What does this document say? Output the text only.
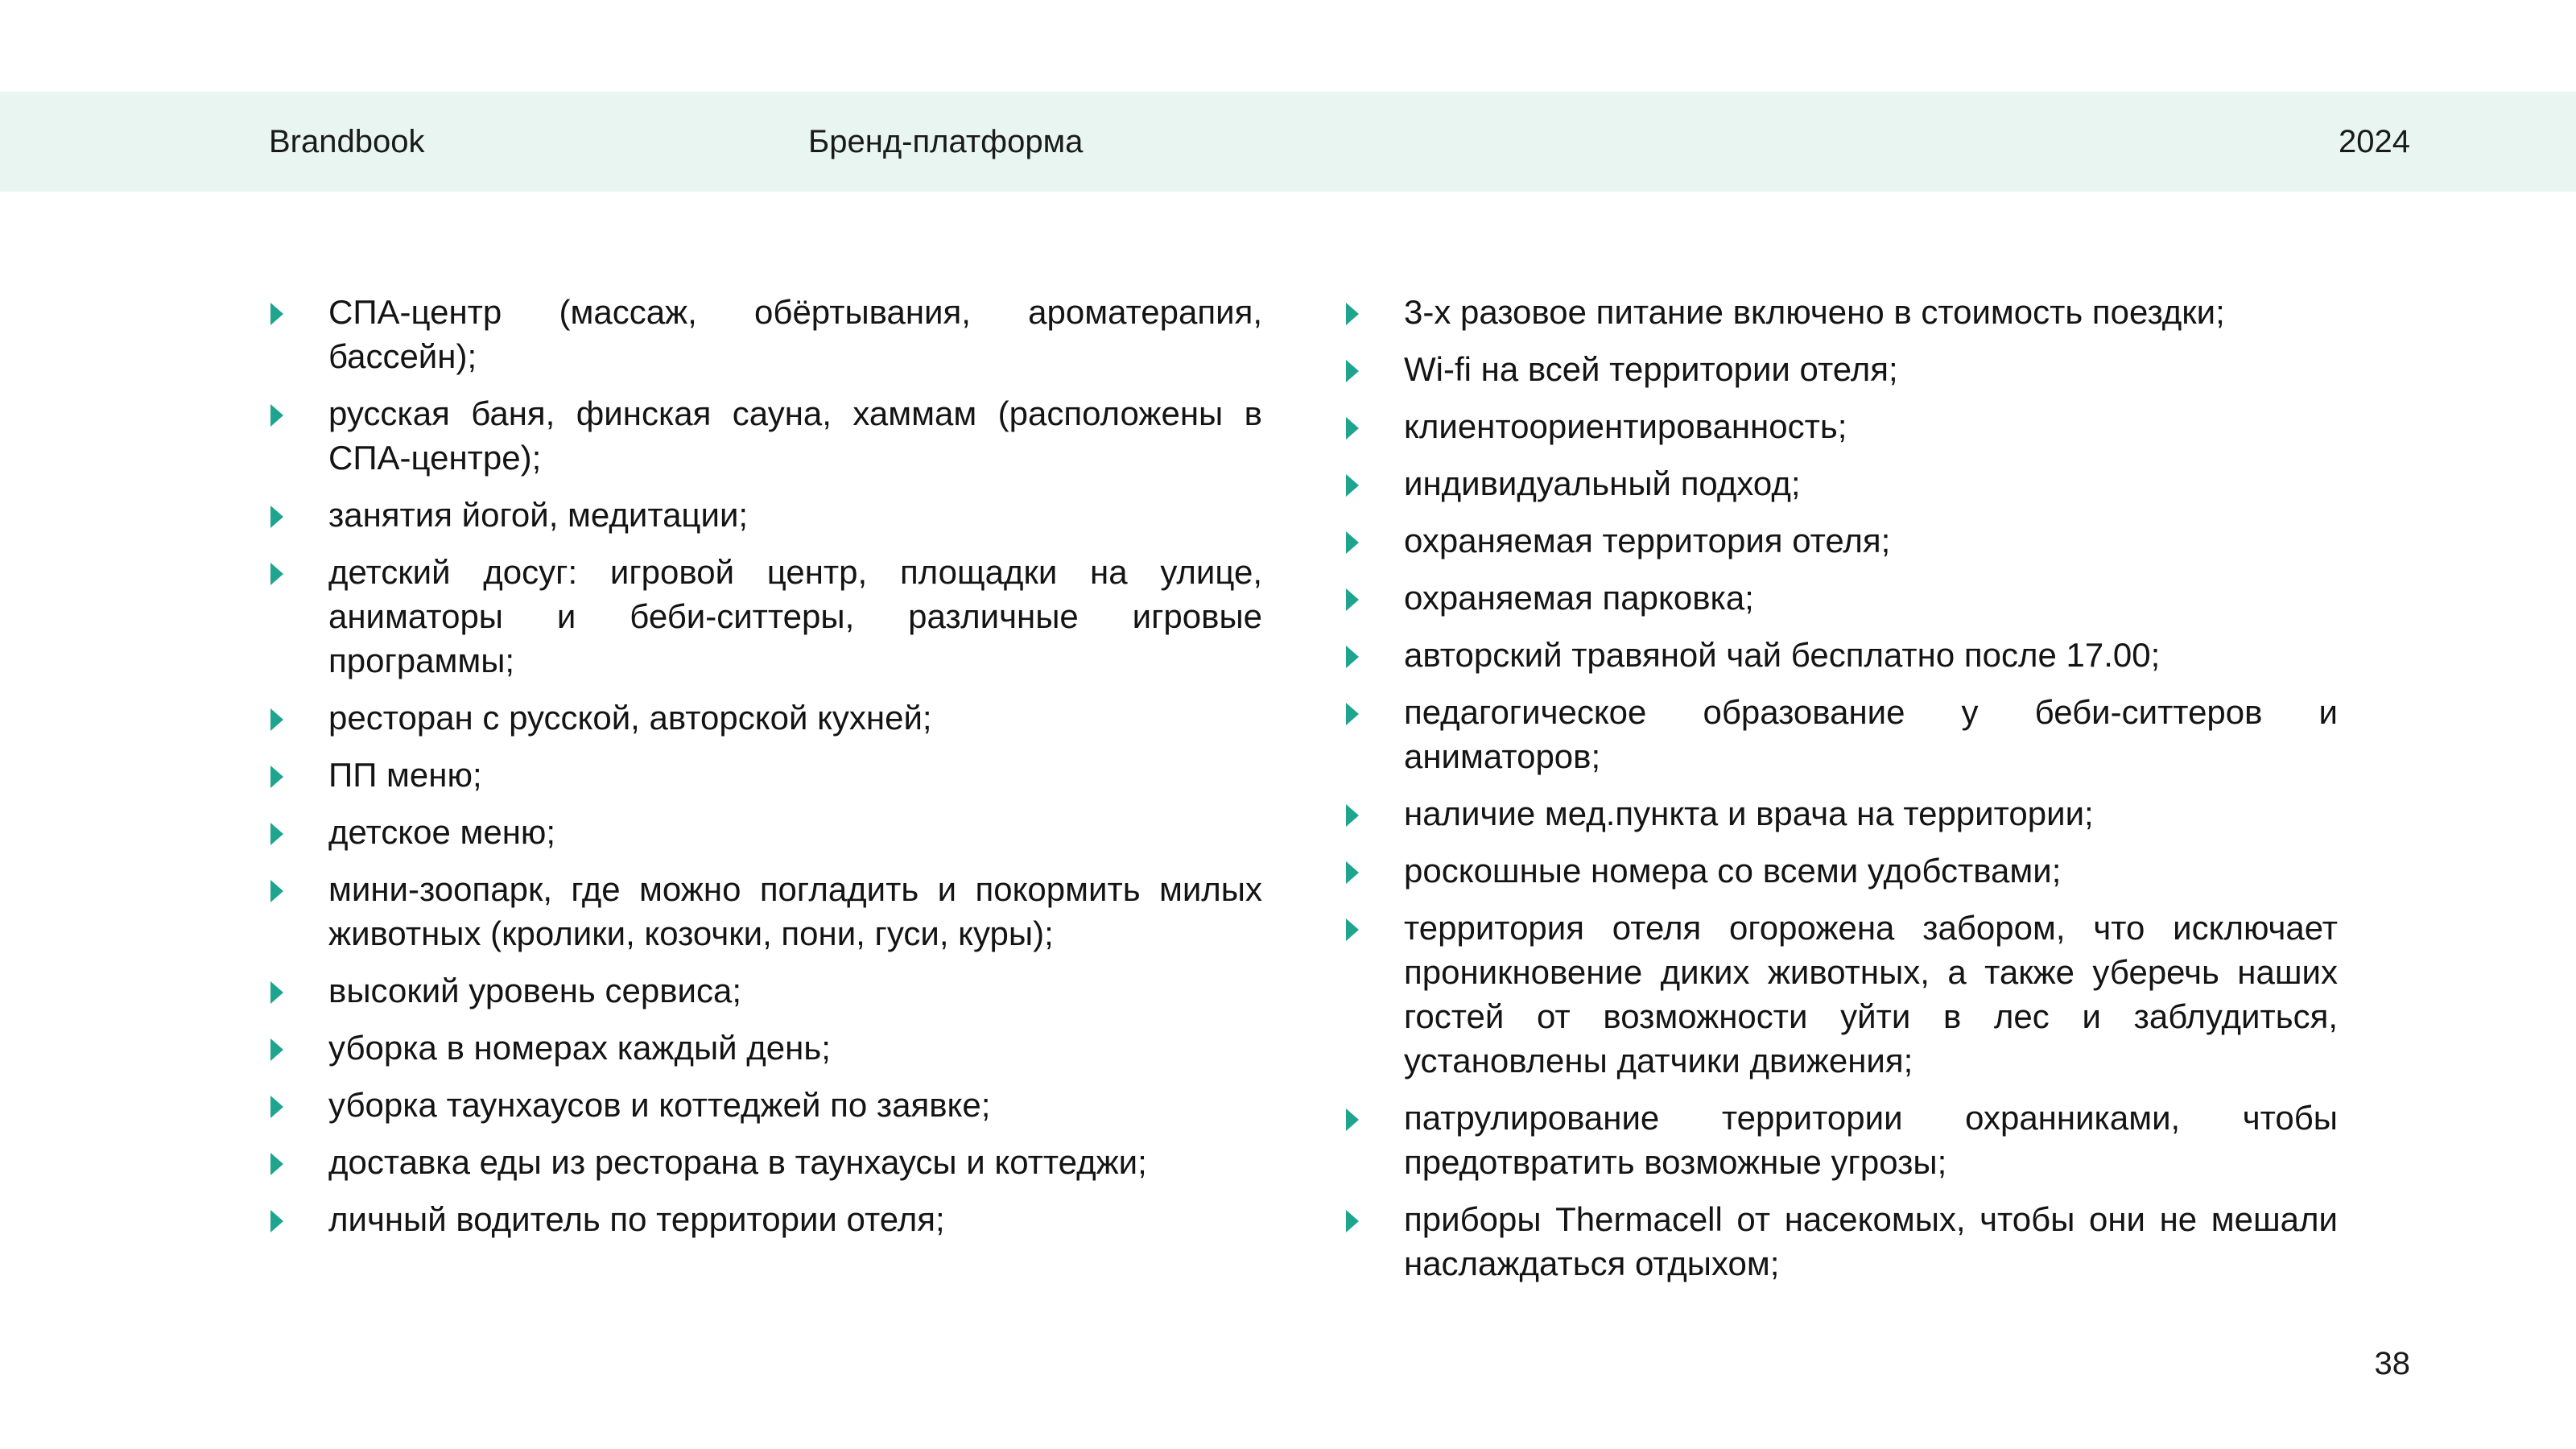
Brandbook	Бренд-платформа	2024
СПА-центр (массаж, обёртывания, ароматерапия, бассейн);
русская баня, финская сауна, хаммам (расположены в СПА-центре);
занятия йогой, медитации;
детский досуг: игровой центр, площадки на улице, аниматоры и беби-ситтеры, различные игровые программы;
ресторан с русской, авторской кухней;
ПП меню;
детское меню;
мини-зоопарк, где можно погладить и покормить милых животных (кролики, козочки, пони, гуси, куры);
высокий уровень сервиса;
уборка в номерах каждый день;
уборка таунхаусов и коттеджей по заявке;
доставка еды из ресторана в таунхаусы и коттеджи;
личный водитель по территории отеля;
3-х разовое питание включено в стоимость поездки;
Wi-fi на всей территории отеля;
клиентоориентированность;
индивидуальный подход;
охраняемая территория отеля;
охраняемая парковка;
авторский травяной чай бесплатно после 17.00;
педагогическое образование у беби-ситтеров и аниматоров;
наличие мед.пункта и врача на территории;
роскошные номера со всеми удобствами;
территория отеля огорожена забором, что исключает проникновение диких животных, а также уберечь наших гостей от возможности уйти в лес и заблудиться, установлены датчики движения;
патрулирование территории охранниками, чтобы предотвратить возможные угрозы;
приборы Thermacell от насекомых, чтобы они не мешали наслаждаться отдыхом;
38
